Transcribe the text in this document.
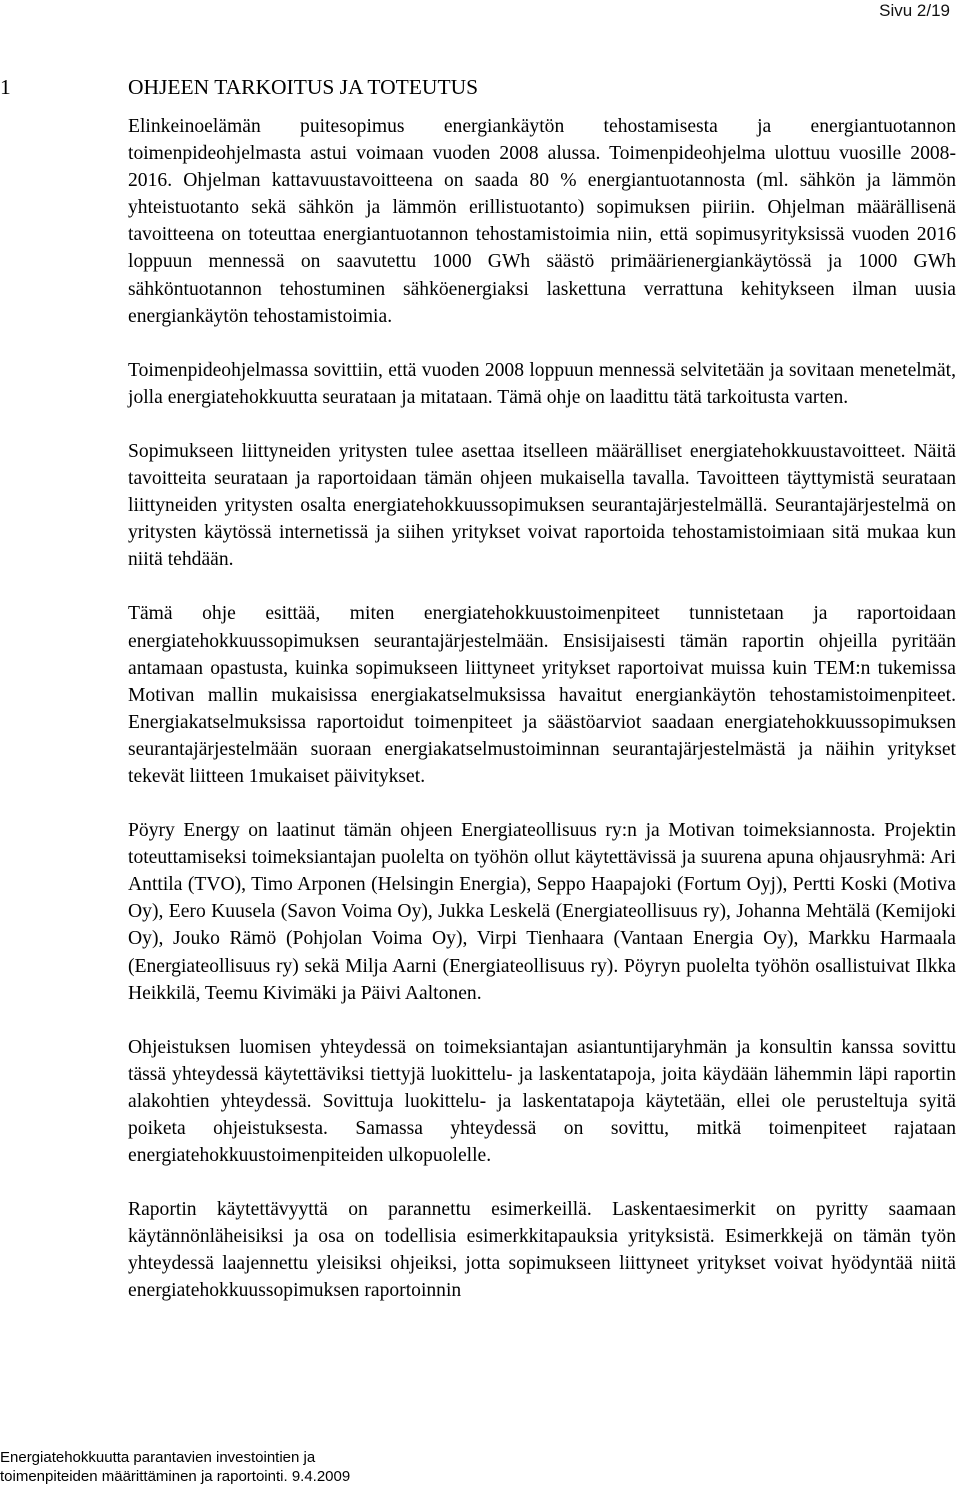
Sivu 2/19
1	OHJEEN TARKOITUS JA TOTEUTUS

Elinkeinoelämän puitesopimus energiankäytön tehostamisesta ja energiantuotannon toimenpideohjelmasta astui voimaan vuoden 2008 alussa. Toimenpideohjelma ulottuu vuosille 2008-2016. Ohjelman kattavuustavoitteena on saada 80 % energiantuotannosta (ml. sähkön ja lämmön yhteistuotanto sekä sähkön ja lämmön erillistuotanto) sopimuksen piiriin. Ohjelman määrällisenä tavoitteena on toteuttaa energiantuotannon tehostamistoimia niin, että sopimusyrityksissä vuoden 2016 loppuun mennessä on saavutettu 1000 GWh säästö primäärienergiankäytössä ja 1000 GWh sähköntuotannon tehostuminen sähköenergiaksi laskettuna verrattuna kehitykseen ilman uusia energiankäytön tehostamistoimia.

Toimenpideohjelmassa sovittiin, että vuoden 2008 loppuun mennessä selvitetään ja sovitaan menetelmät, jolla energiatehokkuutta seurataan ja mitataan. Tämä ohje on laadittu tätä tarkoitusta varten.

Sopimukseen liittyneiden yritysten tulee asettaa itselleen määrälliset energiatehokkuustavoitteet. Näitä tavoitteita seurataan ja raportoidaan tämän ohjeen mukaisella tavalla. Tavoitteen täyttymistä seurataan liittyneiden yritysten osalta energiatehokkuussopimuksen seurantajärjestelmällä. Seurantajärjestelmä on yritysten käytössä internetissä ja siihen yritykset voivat raportoida tehostamistoimiaan sitä mukaa kun niitä tehdään.

Tämä ohje esittää, miten energiatehokkuustoimenpiteet tunnistetaan ja raportoidaan energiatehokkuussopimuksen seurantajärjestelmään. Ensisijaisesti tämän raportin ohjeilla pyritään antamaan opastusta, kuinka sopimukseen liittyneet yritykset raportoivat muissa kuin TEM:n tukemissa Motivan mallin mukaisissa energiakatselmuksissa havaitut energiankäytön tehostamistoimenpiteet. Energiakatselmuksissa raportoidut toimenpiteet ja säästöarviot saadaan energiatehokkuussopimuksen seurantajärjestelmään suoraan energiakatselmustoiminnan seurantajärjestelmästä ja näihin yritykset tekevät liitteen 1mukaiset päivitykset.

Pöyry Energy on laatinut tämän ohjeen Energiateollisuus ry:n ja Motivan toimeksiannosta. Projektin toteuttamiseksi toimeksiantajan puolelta on työhön ollut käytettävissä ja suurena apuna ohjausryhmä: Ari Anttila (TVO), Timo Arponen (Helsingin Energia), Seppo Haapajoki (Fortum Oyj), Pertti Koski (Motiva Oy), Eero Kuusela (Savon Voima Oy), Jukka Leskelä (Energiateollisuus ry), Johanna Mehtälä (Kemijoki Oy), Jouko Rämö (Pohjolan Voima Oy), Virpi Tienhaara (Vantaan Energia Oy), Markku Harmaala (Energiateollisuus ry) sekä Milja Aarni (Energiateollisuus ry). Pöyryn puolelta työhön osallistuivat Ilkka Heikkilä, Teemu Kivimäki ja Päivi Aaltonen.

Ohjeistuksen luomisen yhteydessä on toimeksiantajan asiantuntijaryhmän ja konsultin kanssa sovittu tässä yhteydessä käytettäviksi tiettyjä luokittelu- ja laskentatapoja, joita käydään lähemmin läpi raportin alakohtien yhteydessä. Sovittuja luokittelu- ja laskentatapoja käytetään, ellei ole perusteltuja syitä poiketa ohjeistuksesta. Samassa yhteydessä on sovittu, mitkä toimenpiteet rajataan energiatehokkuustoimenpiteiden ulkopuolelle.

Raportin käytettävyyttä on parannettu esimerkeillä. Laskentaesimerkit on pyritty saamaan käytännönläheisiksi ja osa on todellisia esimerkkitapauksia yrityksistä. Esimerkkejä on tämän työn yhteydessä laajennettu yleisiksi ohjeiksi, jotta sopimukseen liittyneet yritykset voivat hyödyntää niitä energiatehokkuussopimuksen raportoinnin

Energiatehokkuutta parantavien investointien ja
toimenpiteiden määrittäminen ja raportointi. 9.4.2009
